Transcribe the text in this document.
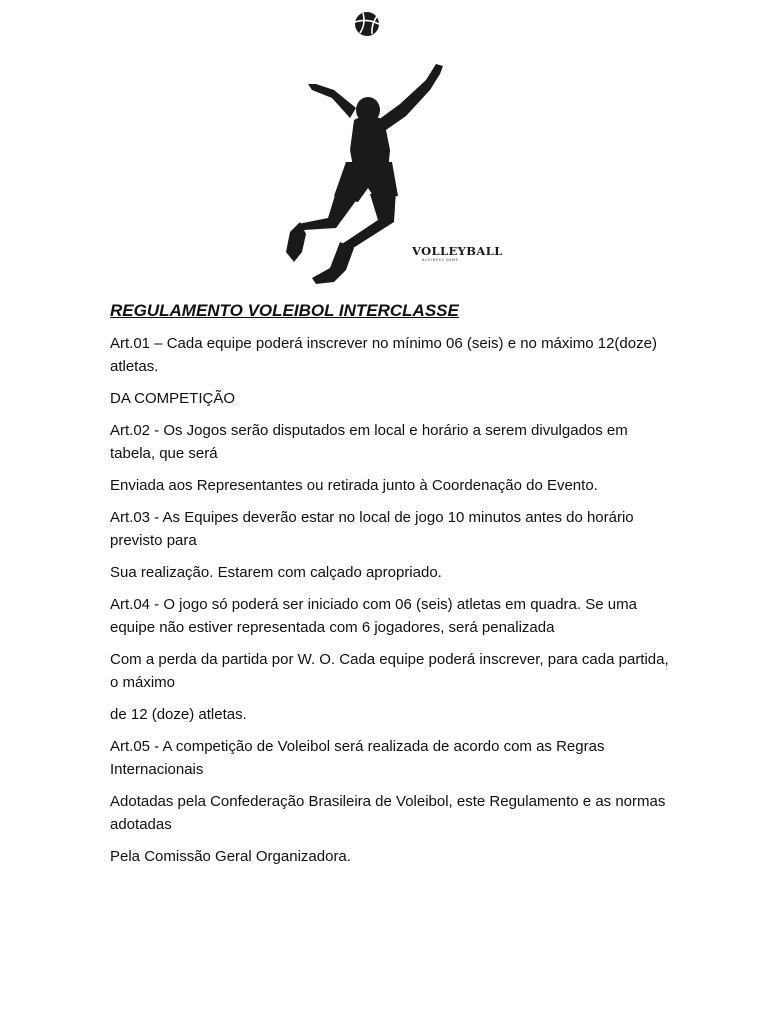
VOLLEYBALL
BUSINESS NAME
REGULAMENTO VOLEIBOL INTERCLASSE

Art.01 – Cada equipe poderá inscrever no mínimo 06 (seis) e no máximo 12(doze) atletas.

DA COMPETIÇÃO

Art.02 - Os Jogos serão disputados em local e horário a serem divulgados em tabela, que será

Enviada aos Representantes ou retirada junto à Coordenação do Evento.

Art.03 - As Equipes deverão estar no local de jogo 10 minutos antes do horário previsto para

Sua realização. Estarem com calçado apropriado.

Art.04 - O jogo só poderá ser iniciado com 06 (seis) atletas em quadra. Se uma equipe não estiver representada com 6 jogadores, será penalizada

Com a perda da partida por W. O. Cada equipe poderá inscrever, para cada partida, o máximo

de 12 (doze) atletas.

Art.05 - A competição de Voleibol será realizada de acordo com as Regras Internacionais

Adotadas pela Confederação Brasileira de Voleibol, este Regulamento e as normas adotadas

Pela Comissão Geral Organizadora.
